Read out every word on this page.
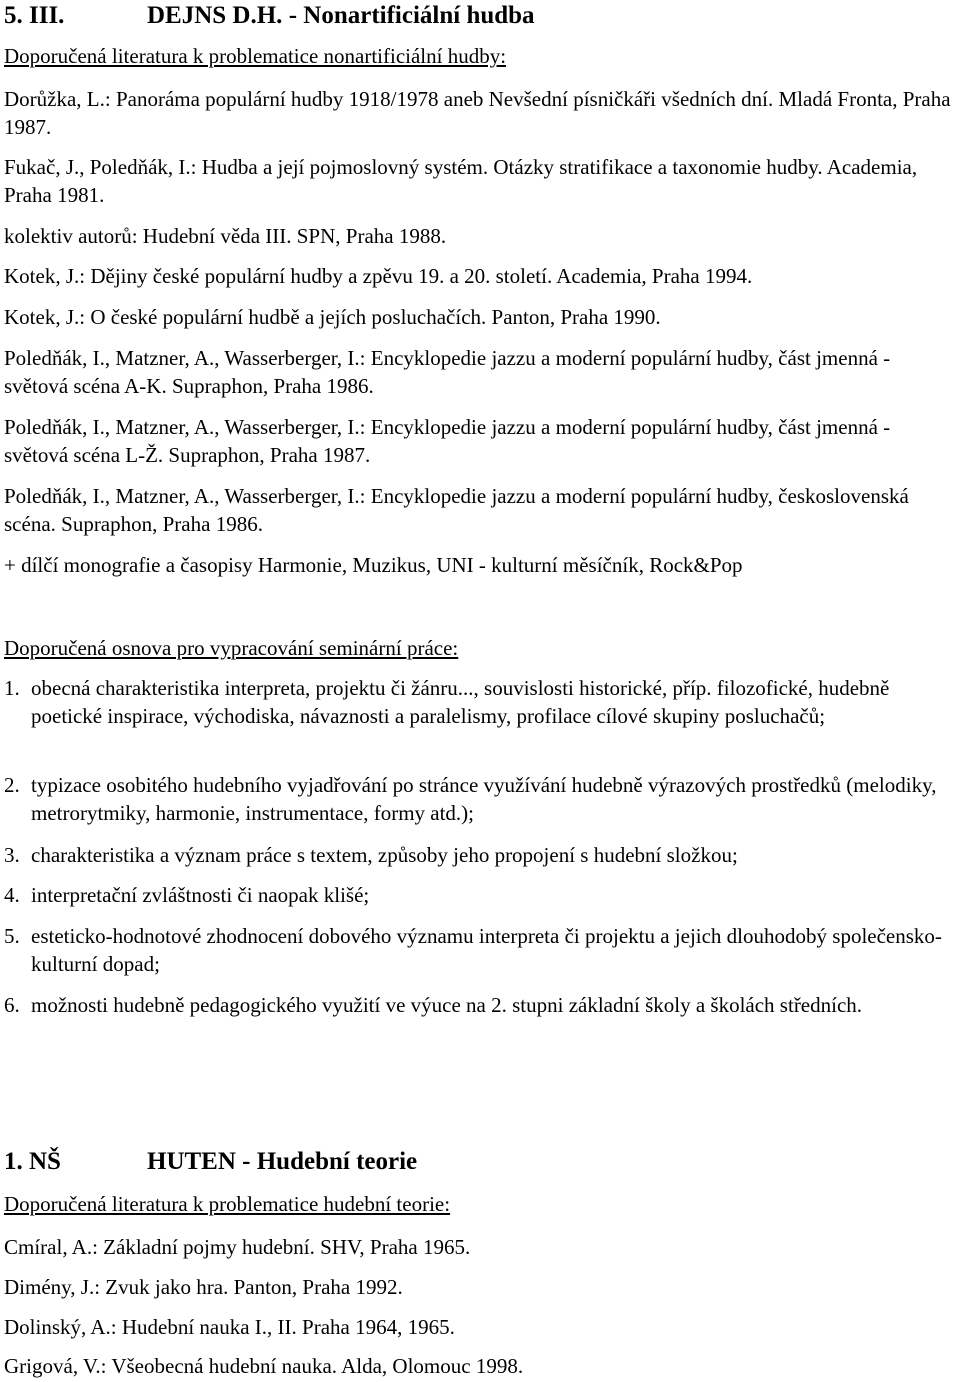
5. III.	DEJNS D.H. - Nonartificiální hudba
Doporučená literatura k problematice nonartificiální hudby:
Dorůžka, L.: Panoráma populární hudby 1918/1978 aneb Nevšední písničkáři všedních dní. Mladá Fronta, Praha 1987.
Fukač, J., Poledňák, I.: Hudba a její pojmoslovný systém. Otázky stratifikace a taxonomie hudby. Academia, Praha 1981.
kolektiv autorů: Hudební věda III. SPN, Praha 1988.
Kotek, J.: Dějiny české populární hudby a zpěvu 19. a 20. století. Academia, Praha 1994.
Kotek, J.: O české populární hudbě a jejích posluchačích. Panton, Praha 1990.
Poledňák, I., Matzner, A., Wasserberger, I.: Encyklopedie jazzu a moderní populární hudby, část jmenná - světová scéna A-K. Supraphon, Praha 1986.
Poledňák, I., Matzner, A., Wasserberger, I.: Encyklopedie jazzu a moderní populární hudby, část jmenná - světová scéna L-Ž. Supraphon, Praha 1987.
Poledňák, I., Matzner, A., Wasserberger, I.: Encyklopedie jazzu a moderní populární hudby, československá scéna. Supraphon, Praha 1986.
+ dílčí monografie a časopisy Harmonie, Muzikus, UNI - kulturní měsíčník, Rock&Pop
Doporučená osnova pro vypracování seminární práce:
1. obecná charakteristika interpreta, projektu či žánru..., souvislosti historické, příp. filozofické, hudebně poetické inspirace, východiska, návaznosti a paralelismy, profilace cílové skupiny posluchačů;
2. typizace osobitého hudebního vyjadřování po stránce využívání hudebně výrazových prostředků (melodiky, metrorytmiky, harmonie, instrumentace, formy atd.);
3. charakteristika a význam práce s textem, způsoby jeho propojení s hudební složkou;
4. interpretační zvláštnosti či naopak klišé;
5. esteticko-hodnotové zhodnocení dobového významu interpreta či projektu a jejich dlouhodobý společensko-kulturní dopad;
6. možnosti hudebně pedagogického využití ve výuce na 2. stupni základní školy a školách středních.
1. NŠ	HUTEN - Hudební teorie
Doporučená literatura k problematice hudební teorie:
Cmíral, A.: Základní pojmy hudební. SHV, Praha 1965.
Dimény, J.: Zvuk jako hra. Panton, Praha 1992.
Dolinský, A.: Hudební nauka I., II. Praha 1964, 1965.
Grigová, V.: Všeobecná hudební nauka. Alda, Olomouc 1998.
